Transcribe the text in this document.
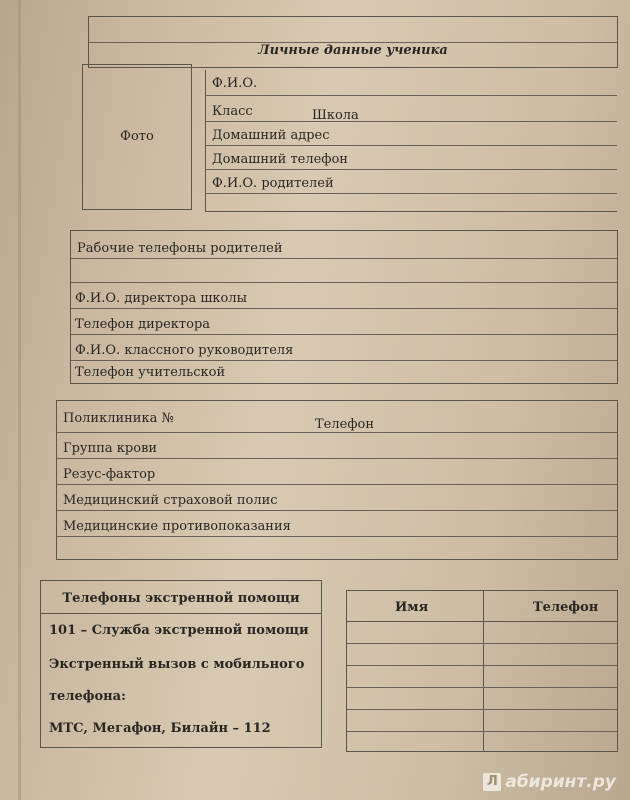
Личные данные ученика
Фото
Ф.И.О.
Класс	Школа
Домашний адрес
Домашний телефон
Ф.И.О. родителей
Рабочие телефоны родителей
Ф.И.О. директора школы
Телефон директора
Ф.И.О. классного руководителя
Телефон учительской
Поликлиника №	Телефон
Группа крови
Резус-фактор
Медицинский страховой полис
Медицинские противопоказания
Телефоны экстренной помощи
101 – Служба экстренной помощи
Экстренный вызов с мобильного
телефона:
МТС, Мегафон, Билайн – 112
Имя	Телефон
Л абиринт.ру
